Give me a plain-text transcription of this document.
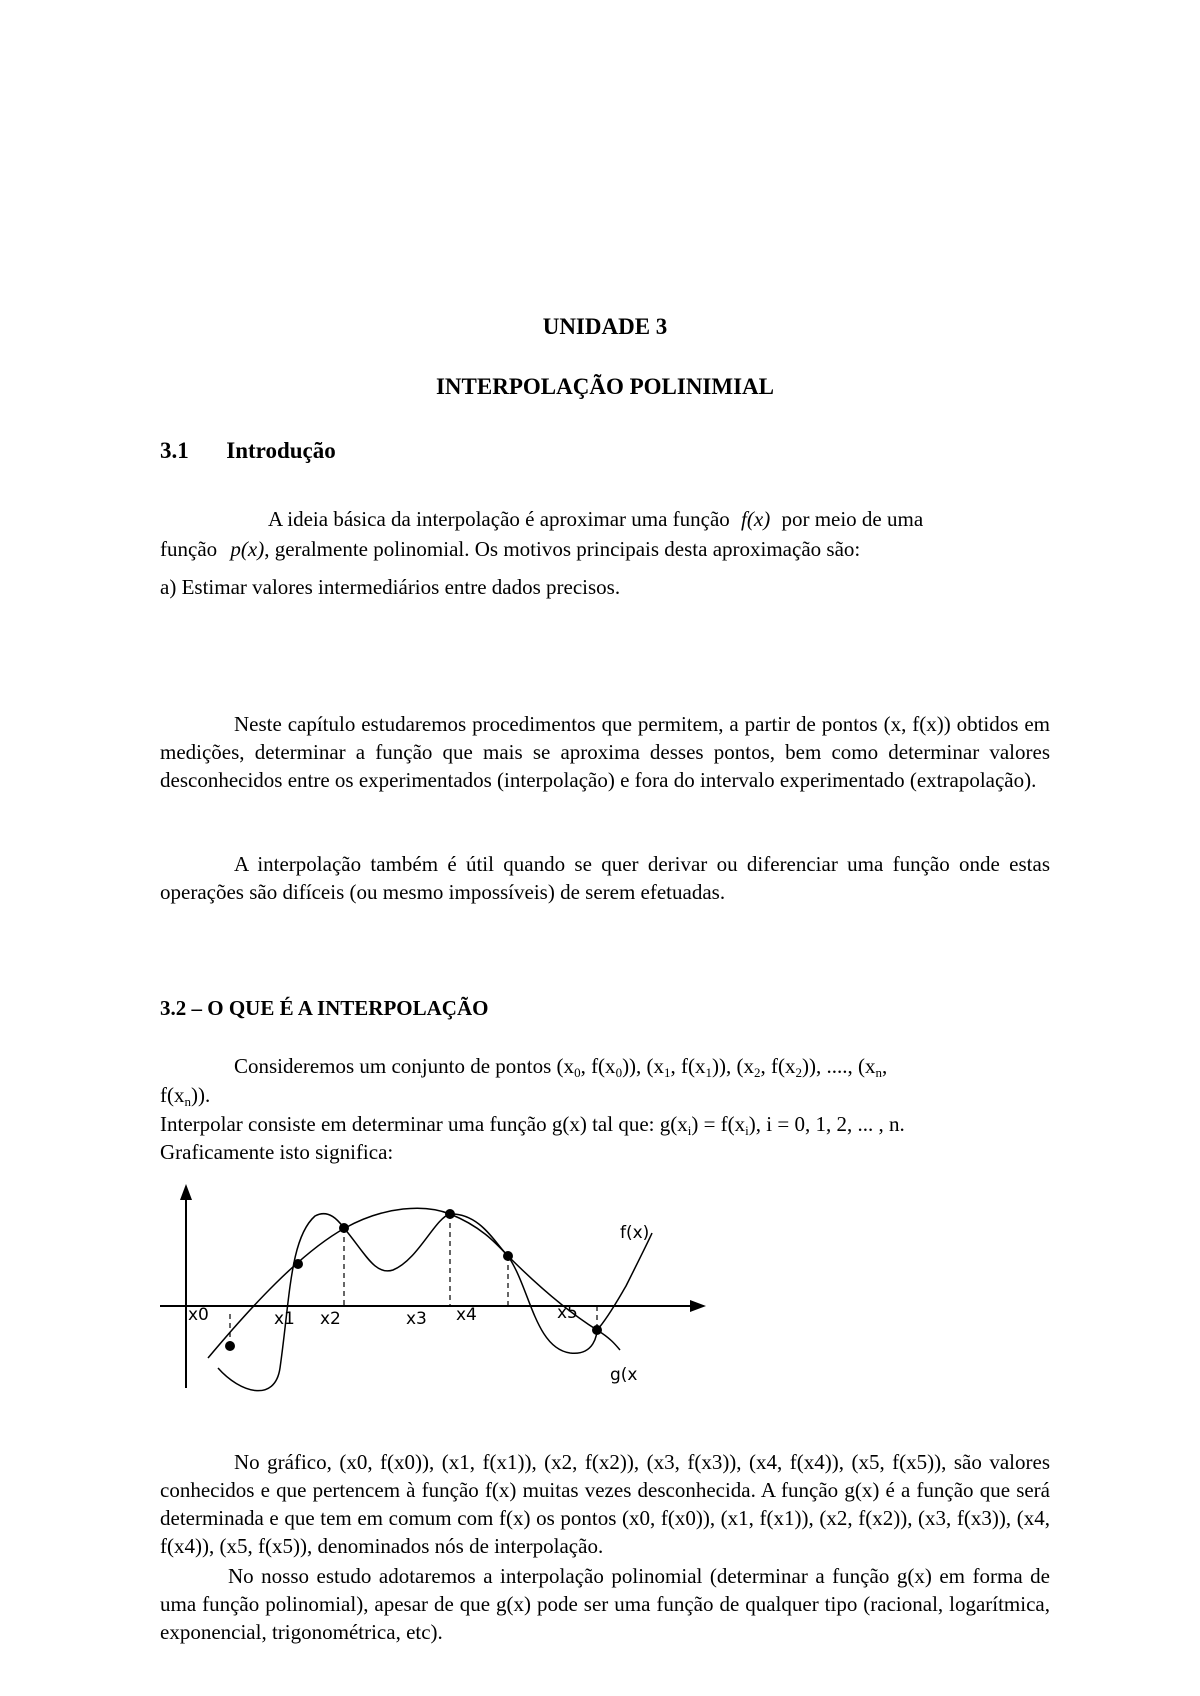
UNIDADE 3
INTERPOLAÇÃO POLINIMIAL
3.1 Introdução
A ideia básica da interpolação é aproximar uma função f(x) por meio de uma
função p(x), geralmente polinomial. Os motivos principais desta aproximação são:
a) Estimar valores intermediários entre dados precisos.
Neste capítulo estudaremos procedimentos que permitem, a partir de pontos (x, f(x)) obtidos em medições, determinar a função que mais se aproxima desses pontos, bem como determinar valores desconhecidos entre os experimentados (interpolação) e fora do intervalo experimentado (extrapolação).
A interpolação também é útil quando se quer derivar ou diferenciar uma função onde estas operações são difíceis (ou mesmo impossíveis) de serem efetuadas.
3.2 – O QUE É A INTERPOLAÇÃO
Consideremos um conjunto de pontos ($x_0$, $f(x_0)$), ($x_1$, $f(x_1)$), ($x_2$, $f(x_2)$), ...., ($x_n$,
$f(x_n)$).
Interpolar consiste em determinar uma função g(x) tal que: $g(x_i) = f(x_i)$, i = 0, 1, 2, ... , n.
Graficamente isto significa:
x0	x1 x2	x3 x4	x5
f(x)
g(x
No gráfico, (x0, f(x0)), (x1, f(x1)), (x2, f(x2)), (x3, f(x3)), (x4, f(x4)), (x5, f(x5)), são valores conhecidos e que pertencem à função f(x) muitas vezes desconhecida. A função g(x) é a função que será determinada e que tem em comum com f(x) os pontos (x0, f(x0)), (x1, f(x1)), (x2, f(x2)), (x3, f(x3)), (x4, f(x4)), (x5, f(x5)), denominados nós de interpolação.
No nosso estudo adotaremos a interpolação polinomial (determinar a função g(x) em forma de uma função polinomial), apesar de que g(x) pode ser uma função de qualquer tipo (racional, logarítmica, exponencial, trigonométrica, etc).
